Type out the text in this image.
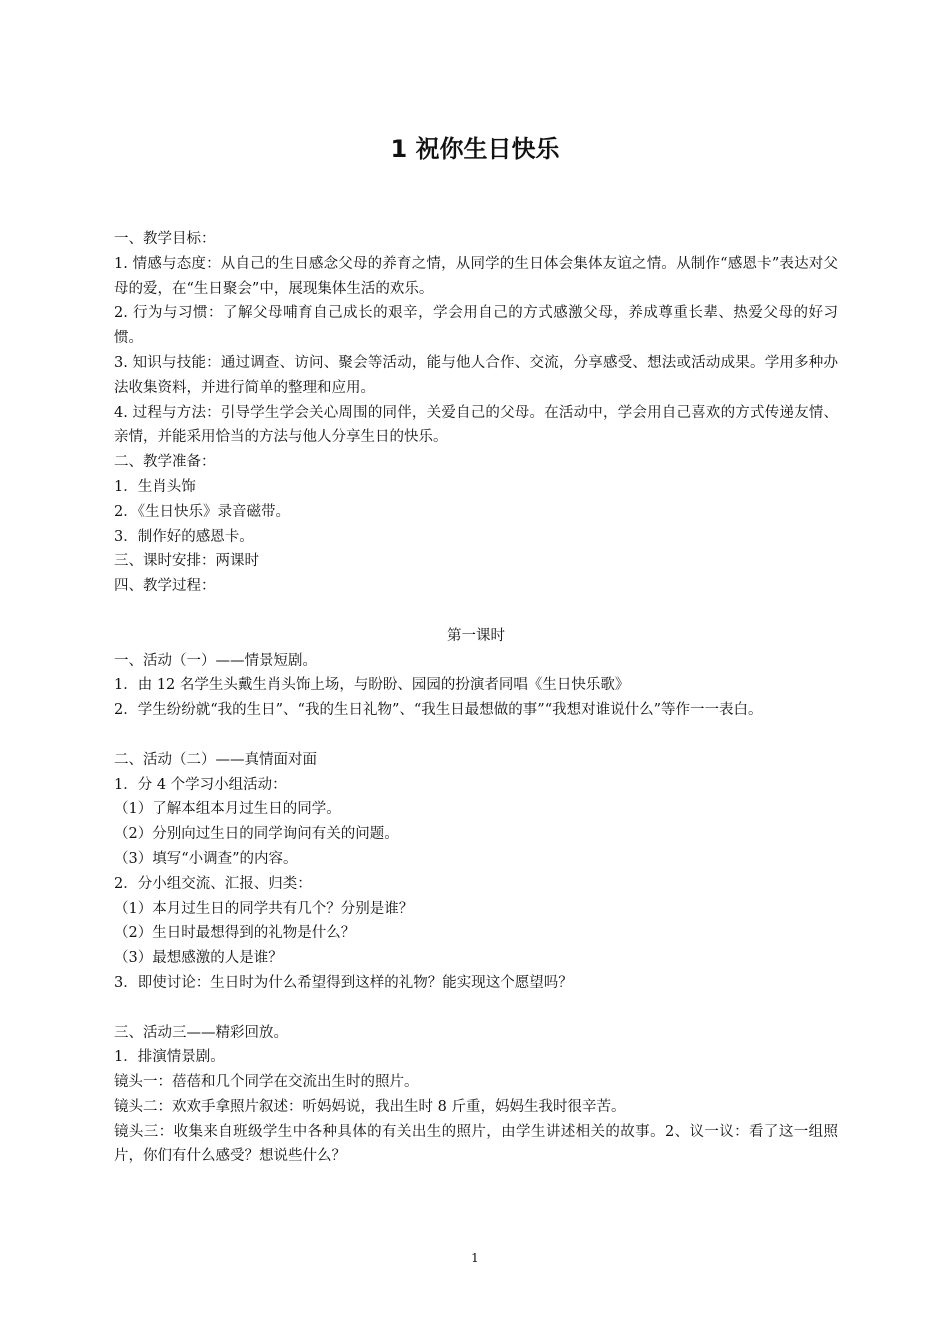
1 祝你生日快乐

一、教学目标：

1. 情感与态度：从自己的生日感念父母的养育之情，从同学的生日体会集体友谊之情。从制作“感恩卡”表达对父母的爱，在“生日聚会”中，展现集体生活的欢乐。

2. 行为与习惯：了解父母哺育自己成长的艰辛，学会用自己的方式感激父母，养成尊重长辈、热爱父母的好习惯。

3. 知识与技能：通过调查、访问、聚会等活动，能与他人合作、交流，分享感受、想法或活动成果。学用多种办法收集资料，并进行简单的整理和应用。

4. 过程与方法：引导学生学会关心周围的同伴，关爱自己的父母。在活动中，学会用自己喜欢的方式传递友情、亲情，并能采用恰当的方法与他人分享生日的快乐。

二、教学准备：

1．生肖头饰

2．《生日快乐》录音磁带。

3．制作好的感恩卡。

三、课时安排：两课时

四、教学过程：

第一课时

一、活动（一）——情景短剧。

1．由 12 名学生头戴生肖头饰上场，与盼盼、园园的扮演者同唱《生日快乐歌》

2．学生纷纷就“我的生日”、“我的生日礼物”、“我生日最想做的事”“我想对谁说什么”等作一一表白。

二、活动（二）——真情面对面

1．分 4 个学习小组活动：

（1）了解本组本月过生日的同学。

（2）分别向过生日的同学询问有关的问题。

（3）填写“小调查”的内容。

2．分小组交流、汇报、归类：

（1）本月过生日的同学共有几个？分别是谁？

（2）生日时最想得到的礼物是什么？

（3）最想感激的人是谁？

3．即使讨论：生日时为什么希望得到这样的礼物？能实现这个愿望吗？

三、活动三——精彩回放。

1．排演情景剧。

镜头一：蓓蓓和几个同学在交流出生时的照片。

镜头二：欢欢手拿照片叙述：听妈妈说，我出生时 8 斤重，妈妈生我时很辛苦。

镜头三：收集来自班级学生中各种具体的有关出生的照片，由学生讲述相关的故事。2、议一议：看了这一组照片，你们有什么感受？想说些什么？

1
